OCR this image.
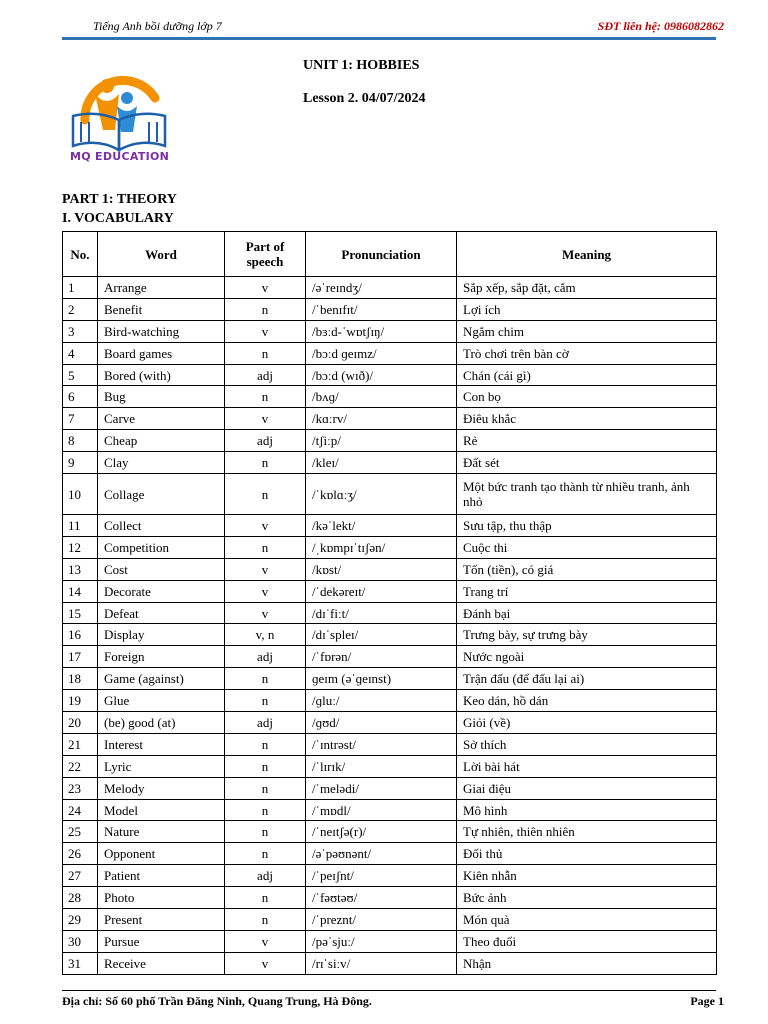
Tiếng Anh bồi dưỡng lớp 7	SĐT liên hệ: 0986082862
MQ EDUCATION
UNIT 1: HOBBIES
Lesson 2. 04/07/2024
PART 1: THEORY
I. VOCABULARY
No.	Word	Part of speech	Pronunciation	Meaning
1	Arrange	v	/əˈreɪndʒ/	Sắp xếp, sắp đặt, cắm
2	Benefit	n	/ˈbenɪfɪt/	Lợi ích
3	Bird-watching	v	/bɜːd-ˈwɒtʃɪŋ/	Ngắm chim
4	Board games	n	/bɔːd ɡeɪmz/	Trò chơi trên bàn cờ
5	Bored (with)	adj	/bɔːd (wɪð)/	Chán (cái gì)
6	Bug	n	/bʌɡ/	Con bọ
7	Carve	v	/kɑːrv/	Điêu khắc
8	Cheap	adj	/tʃiːp/	Rẻ
9	Clay	n	/kleɪ/	Đất sét
10	Collage	n	/ˈkɒlɑːʒ/	Một bức tranh tạo thành từ nhiều tranh, ảnh nhỏ
11	Collect	v	/kəˈlekt/	Sưu tập, thu thập
12	Competition	n	/ˌkɒmpɪˈtɪʃən/	Cuộc thi
13	Cost	v	/kɒst/	Tốn (tiền), có giá
14	Decorate	v	/ˈdekəreɪt/	Trang trí
15	Defeat	v	/dɪˈfiːt/	Đánh bại
16	Display	v, n	/dɪˈspleɪ/	Trưng bày, sự trưng bày
17	Foreign	adj	/ˈfɒrən/	Nước ngoài
18	Game (against)	n	ɡeɪm (əˈɡeɪnst)	Trận đấu (để đấu lại ai)
19	Glue	n	/ɡluː/	Keo dán, hồ dán
20	(be) good (at)	adj	/ɡʊd/	Giỏi (về)
21	Interest	n	/ˈɪntrəst/	Sở thích
22	Lyric	n	/ˈlɪrɪk/	Lời bài hát
23	Melody	n	/ˈmelədi/	Giai điệu
24	Model	n	/ˈmɒdl/	Mô hình
25	Nature	n	/ˈneɪtʃə(r)/	Tự nhiên, thiên nhiên
26	Opponent	n	/əˈpəʊnənt/	Đối thủ
27	Patient	adj	/ˈpeɪʃnt/	Kiên nhẫn
28	Photo	n	/ˈfəʊtəʊ/	Bức ảnh
29	Present	n	/ˈpreznt/	Món quà
30	Pursue	v	/pəˈsjuː/	Theo đuổi
31	Receive	v	/rɪˈsiːv/	Nhận
Địa chỉ: Số 60 phố Trần Đăng Ninh, Quang Trung, Hà Đông.	Page 1
